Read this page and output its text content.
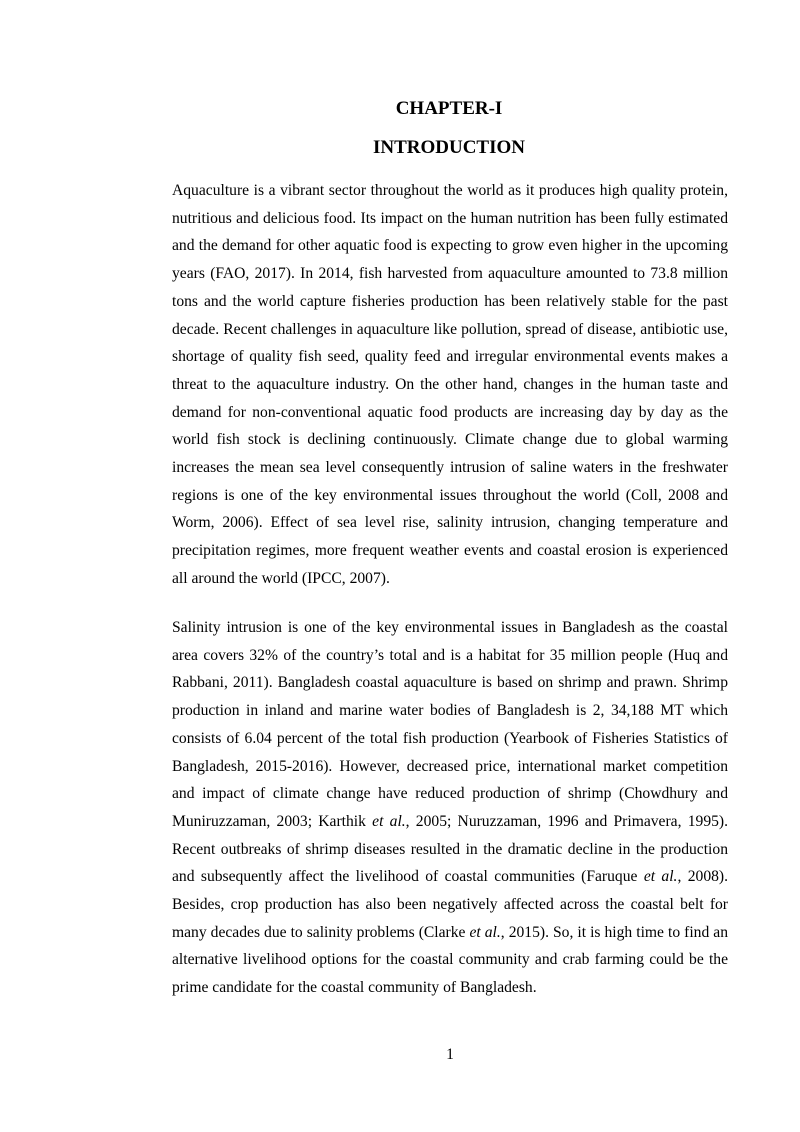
CHAPTER-I
INTRODUCTION

Aquaculture is a vibrant sector throughout the world as it produces high quality protein, nutritious and delicious food. Its impact on the human nutrition has been fully estimated and the demand for other aquatic food is expecting to grow even higher in the upcoming years (FAO, 2017). In 2014, fish harvested from aquaculture amounted to 73.8 million tons and the world capture fisheries production has been relatively stable for the past decade. Recent challenges in aquaculture like pollution, spread of disease, antibiotic use, shortage of quality fish seed, quality feed and irregular environmental events makes a threat to the aquaculture industry. On the other hand, changes in the human taste and demand for non-conventional aquatic food products are increasing day by day as the world fish stock is declining continuously. Climate change due to global warming increases the mean sea level consequently intrusion of saline waters in the freshwater regions is one of the key environmental issues throughout the world (Coll, 2008 and Worm, 2006). Effect of sea level rise, salinity intrusion, changing temperature and precipitation regimes, more frequent weather events and coastal erosion is experienced all around the world (IPCC, 2007).

Salinity intrusion is one of the key environmental issues in Bangladesh as the coastal area covers 32% of the country’s total and is a habitat for 35 million people (Huq and Rabbani, 2011). Bangladesh coastal aquaculture is based on shrimp and prawn. Shrimp production in inland and marine water bodies of Bangladesh is 2, 34,188 MT which consists of 6.04 percent of the total fish production (Yearbook of Fisheries Statistics of Bangladesh, 2015-2016). However, decreased price, international market competition and impact of climate change have reduced production of shrimp (Chowdhury and Muniruzzaman, 2003; Karthik et al., 2005; Nuruzzaman, 1996 and Primavera, 1995). Recent outbreaks of shrimp diseases resulted in the dramatic decline in the production and subsequently affect the livelihood of coastal communities (Faruque et al., 2008). Besides, crop production has also been negatively affected across the coastal belt for many decades due to salinity problems (Clarke et al., 2015). So, it is high time to find an alternative livelihood options for the coastal community and crab farming could be the prime candidate for the coastal community of Bangladesh.

1
